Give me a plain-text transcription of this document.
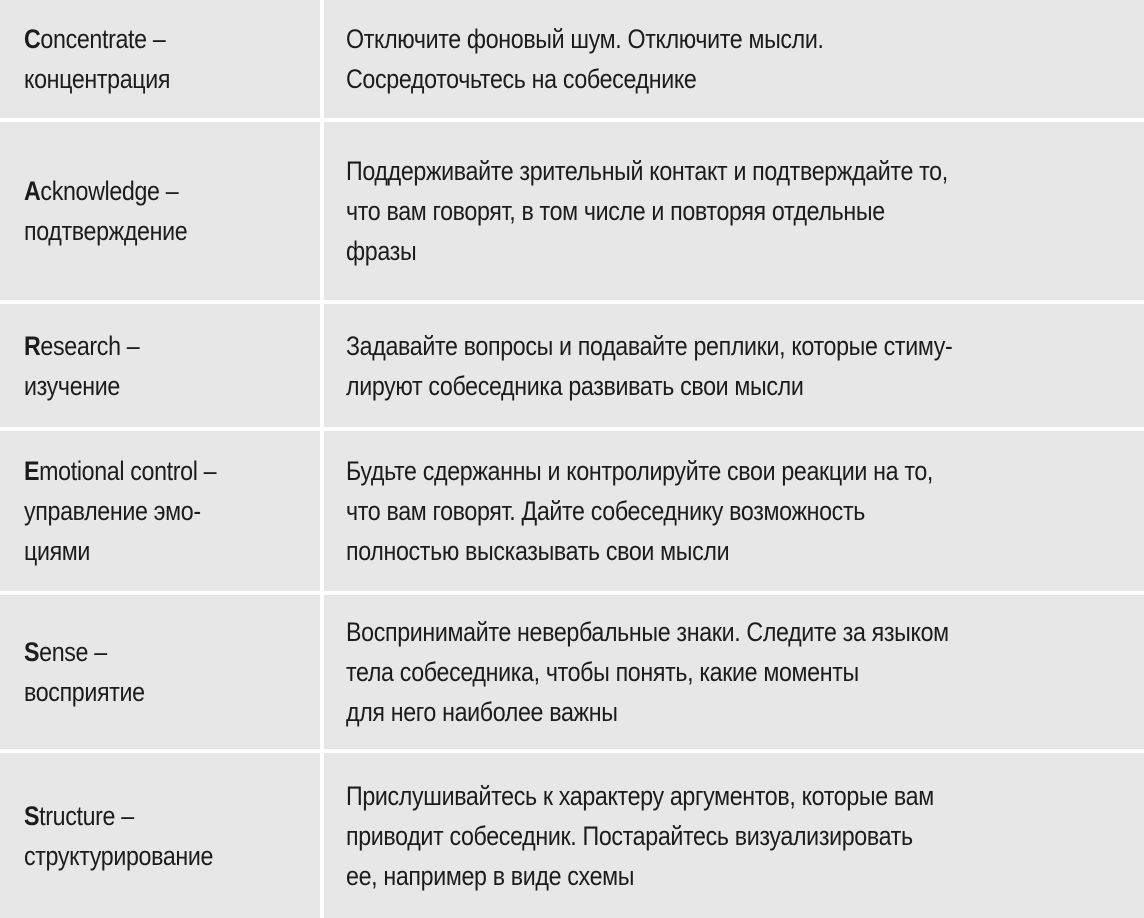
Concentrate –
концентрация
Отключите фоновый шум. Отключите мысли.
Сосредоточьтесь на собеседнике
Acknowledge –
подтверждение
Поддерживайте зрительный контакт и подтверждайте то,
что вам говорят, в том числе и повторяя отдельные
фразы
Research –
изучение
Задавайте вопросы и подавайте реплики, которые стиму-
лируют собеседника развивать свои мысли
Emotional control –
управление эмо-
циями
Будьте сдержанны и контролируйте свои реакции на то,
что вам говорят. Дайте собеседнику возможность
полностью высказывать свои мысли
Sense –
восприятие
Воспринимайте невербальные знаки. Следите за языком
тела собеседника, чтобы понять, какие моменты
для него наиболее важны
Structure –
структурирование
Прислушивайтесь к характеру аргументов, которые вам
приводит собеседник. Постарайтесь визуализировать
ее, например в виде схемы
